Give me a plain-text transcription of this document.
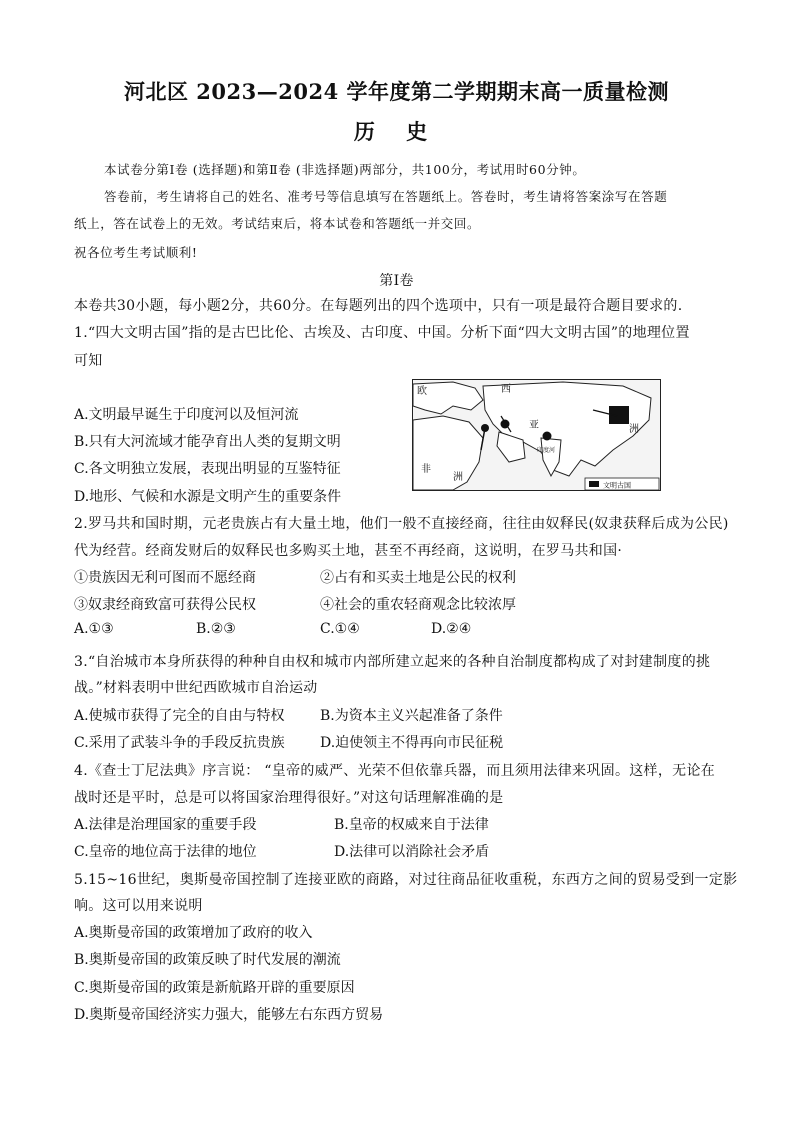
河北区 2023—2024 学年度第二学期期末高一质量检测
历 史
本试卷分第Ⅰ卷 (选择题)和第Ⅱ卷 (非选择题)两部分，共100分，考试用时60分钟。
答卷前，考生请将自己的姓名、准考号等信息填写在答题纸上。答卷时，考生请将答案涂写在答题
纸上，答在试卷上的无效。考试结束后，将本试卷和答题纸一并交回。
祝各位考生考试顺利!
第Ⅰ卷
本卷共30小题，每小题2分，共60分。在每题列出的四个选项中，只有一项是最符合题目要求的.
1.“四大文明古国”指的是古巴比伦、古埃及、古印度、中国。分析下面“四大文明古国”的地理位置
可知
A.文明最早诞生于印度河以及恒河流
B.只有大河流域才能孕育出人类的复期文明
C.各文明独立发展，表现出明显的互鉴特征
D.地形、气候和水源是文明产生的重要条件
文明古国
欧	西
亚
非
洲
洲
印度河
2.罗马共和国时期，元老贵族占有大量土地，他们一般不直接经商，往往由奴释民(奴隶获释后成为公民)
代为经营。经商发财后的奴释民也多购买土地，甚至不再经商，这说明，在罗马共和国·
①贵族因无利可图而不愿经商	②占有和买卖土地是公民的权利
③奴隶经商致富可获得公民权	④社会的重农轻商观念比较浓厚
A.①③	B.②③	C.①④	D.②④
3.“自治城市本身所获得的种种自由权和城市内部所建立起来的各种自治制度都构成了对封建制度的挑
战。”材料表明中世纪西欧城市自治运动
A.使城市获得了完全的自由与特权	B.为资本主义兴起准备了条件
C.采用了武装斗争的手段反抗贵族	D.迫使领主不得再向市民征税
4.《查士丁尼法典》序言说： “皇帝的威严、光荣不但依靠兵器，而且须用法律来巩固。这样，无论在
战时还是平时，总是可以将国家治理得很好。”对这句话理解准确的是
A.法律是治理国家的重要手段	B.皇帝的权威来自于法律
C.皇帝的地位高于法律的地位	D.法律可以消除社会矛盾
5.15~16世纪，奥斯曼帝国控制了连接亚欧的商路，对过往商品征收重税，东西方之间的贸易受到一定影
响。这可以用来说明
A.奥斯曼帝国的政策增加了政府的收入
B.奥斯曼帝国的政策反映了时代发展的潮流
C.奥斯曼帝国的政策是新航路开辟的重要原因
D.奥斯曼帝国经济实力强大，能够左右东西方贸易
